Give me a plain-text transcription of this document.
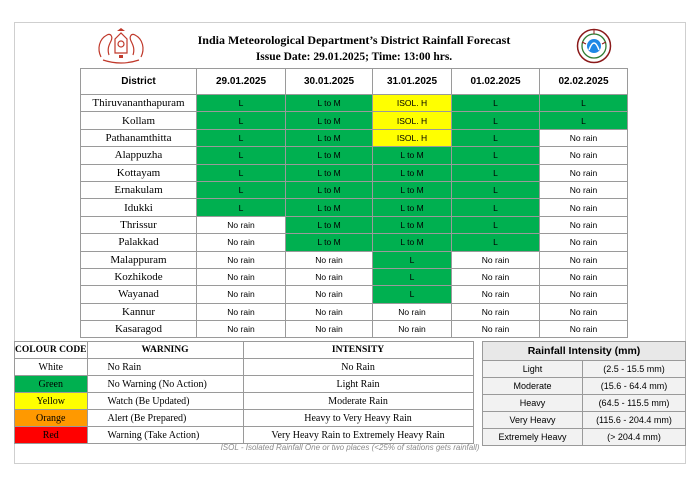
India Meteorological Department’s District Rainfall Forecast
Issue Date: 29.01.2025; Time: 13:00 hrs.
District	29.01.2025	30.01.2025	31.01.2025	01.02.2025	02.02.2025
Thiruvananthapuram	L	L to M	ISOL. H	L	L
Kollam	L	L to M	ISOL. H	L	L
Pathanamthitta	L	L to M	ISOL. H	L	No rain
Alappuzha	L	L to M	L to M	L	No rain
Kottayam	L	L to M	L to M	L	No rain
Ernakulam	L	L to M	L to M	L	No rain
Idukki	L	L to M	L to M	L	No rain
Thrissur	No rain	L to M	L to M	L	No rain
Palakkad	No rain	L to M	L to M	L	No rain
Malappuram	No rain	No rain	L	No rain	No rain
Kozhikode	No rain	No rain	L	No rain	No rain
Wayanad	No rain	No rain	L	No rain	No rain
Kannur	No rain	No rain	No rain	No rain	No rain
Kasaragod	No rain	No rain	No rain	No rain	No rain
COLOUR CODE	WARNING	INTENSITY
White	No Rain	No Rain
Green	No Warning (No Action)	Light Rain
Yellow	Watch (Be Updated)	Moderate Rain
Orange	Alert (Be Prepared)	Heavy to Very Heavy Rain
Red	Warning (Take Action)	Very Heavy Rain to Extremely Heavy Rain
Rainfall Intensity (mm)	
Light	(2.5 - 15.5 mm)
Moderate	(15.6 - 64.4 mm)
Heavy	(64.5 - 115.5 mm)
Very Heavy	(115.6 - 204.4 mm)
Extremely Heavy	(> 204.4 mm)
ISOL - Isolated Rainfall One or two places (<25% of stations gets rainfall)
